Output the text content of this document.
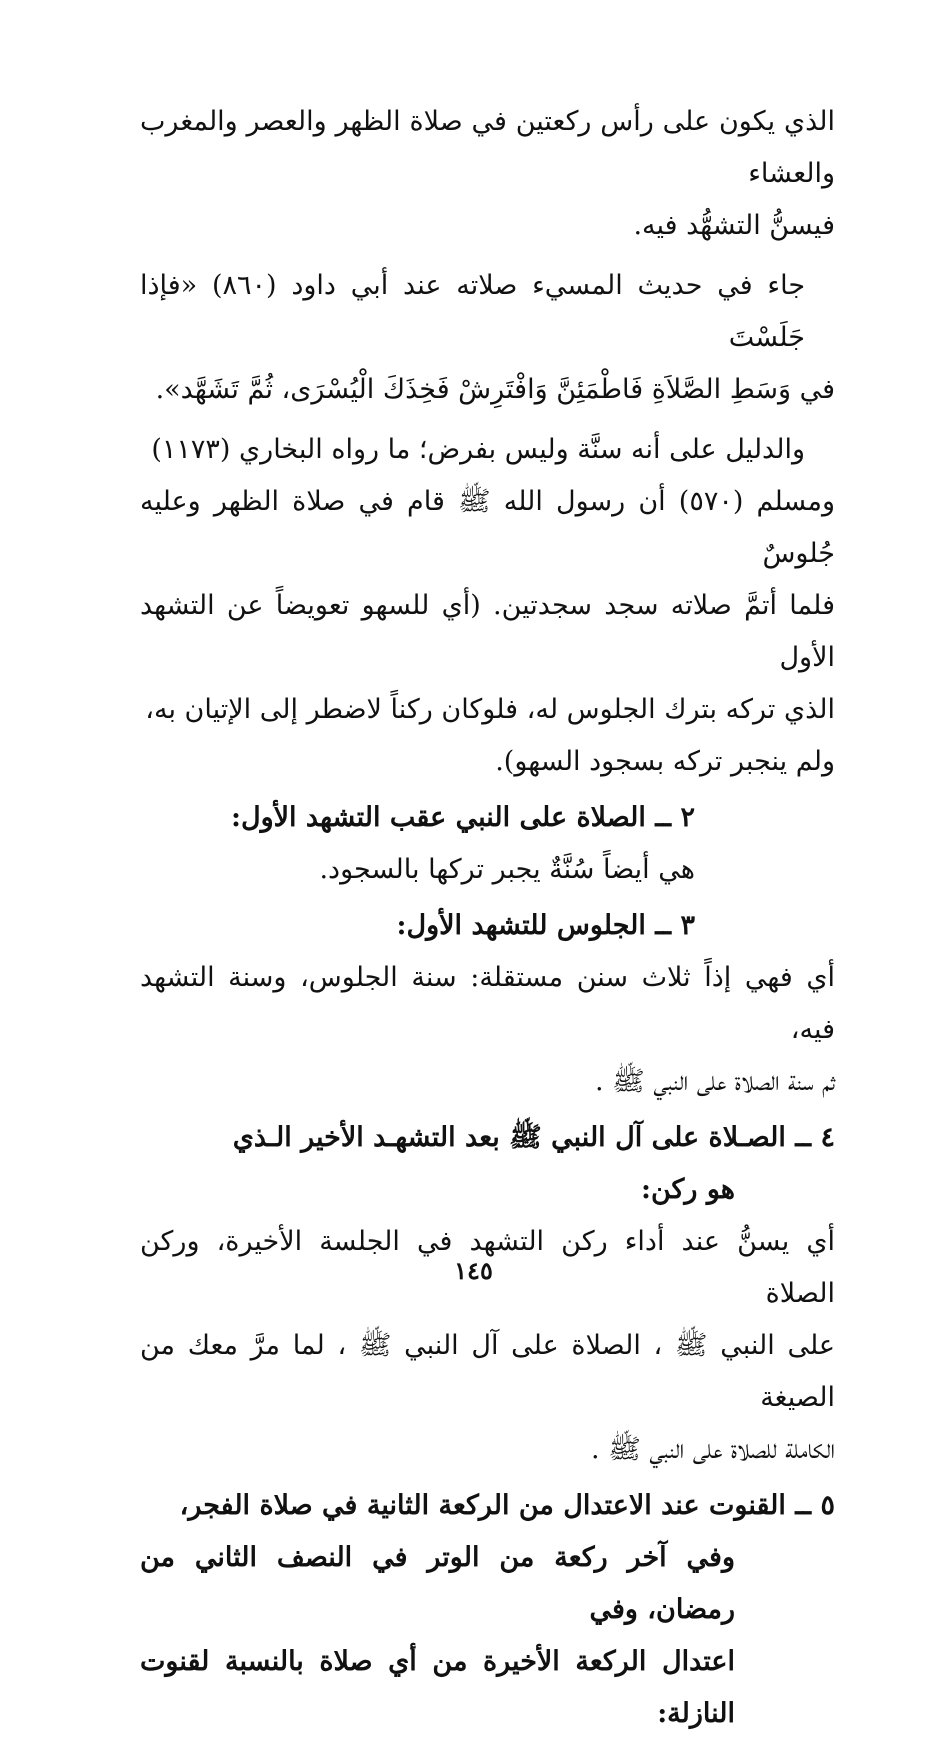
الذي يكون على رأس ركعتين في صلاة الظهر والعصر والمغرب والعشاء
فيسنُّ التشهُّد فيه.

جاء في حديث المسيء صلاته عند أبي داود (٨٦٠) «فإذا جَلَسْتَ
في وَسَطِ الصَّلاَةِ فَاطْمَئِنَّ وَافْتَرِشْ فَخِذَكَ الْيُسْرَى، ثُمَّ تَشَهَّد».

والدليل على أنه سنَّة وليس بفرض؛ ما رواه البخاري (١١٧٣)
ومسلم (٥٧٠) أن رسول الله ﷺ قام في صلاة الظهر وعليه جُلوسٌ
فلما أتمَّ صلاته سجد سجدتين. (أي للسهو تعويضاً عن التشهد الأول
الذي تركه بترك الجلوس له، فلوكان ركناً لاضطر إلى الإتيان به،
ولم ينجبر تركه بسجود السهو).

٢ ــ الصلاة على النبي عقب التشهد الأول:

هي أيضاً سُنَّةٌ يجبر تركها بالسجود.

٣ ــ الجلوس للتشهد الأول:

أي فهي إذاً ثلاث سنن مستقلة: سنة الجلوس، وسنة التشهد فيه،
ثم سنة الصلاة على النبي ﷺ .

٤ ــ الصـلاة على آل النبي ﷺ بعد التشهـد الأخير الـذي
هو ركن:

أي يسنُّ عند أداء ركن التشهد في الجلسة الأخيرة، وركن الصلاة
على النبي ﷺ ، الصلاة على آل النبي ﷺ ، لما مرَّ معك من الصيغة
الكاملة للصلاة على النبي ﷺ .

٥ ــ القنوت عند الاعتدال من الركعة الثانية في صلاة الفجر،
وفي آخر ركعة من الوتر في النصف الثاني من رمضان، وفي
اعتدال الركعة الأخيرة من أي صلاة بالنسبة لقنوت النازلة:

١٤٥
